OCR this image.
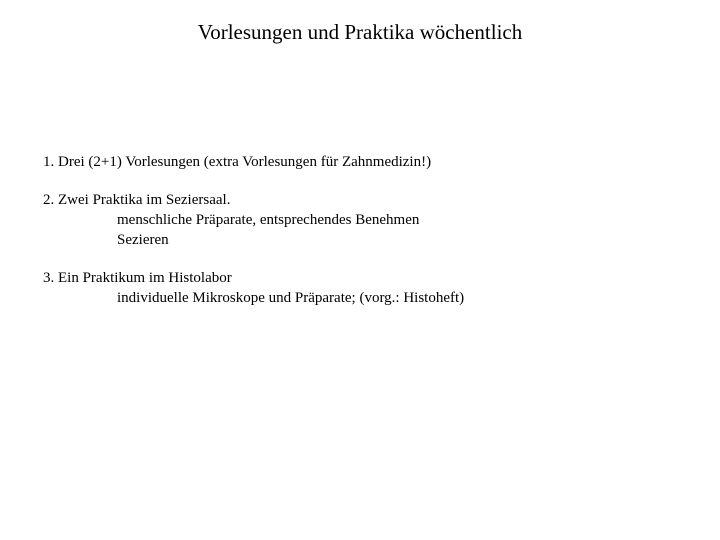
Vorlesungen und Praktika wöchentlich
1. Drei (2+1) Vorlesungen (extra Vorlesungen für Zahnmedizin!)
2. Zwei Praktika im Seziersaal.
menschliche Präparate, entsprechendes Benehmen
Sezieren
3. Ein Praktikum im Histolabor
individuelle Mikroskope und Präparate; (vorg.: Histoheft)
